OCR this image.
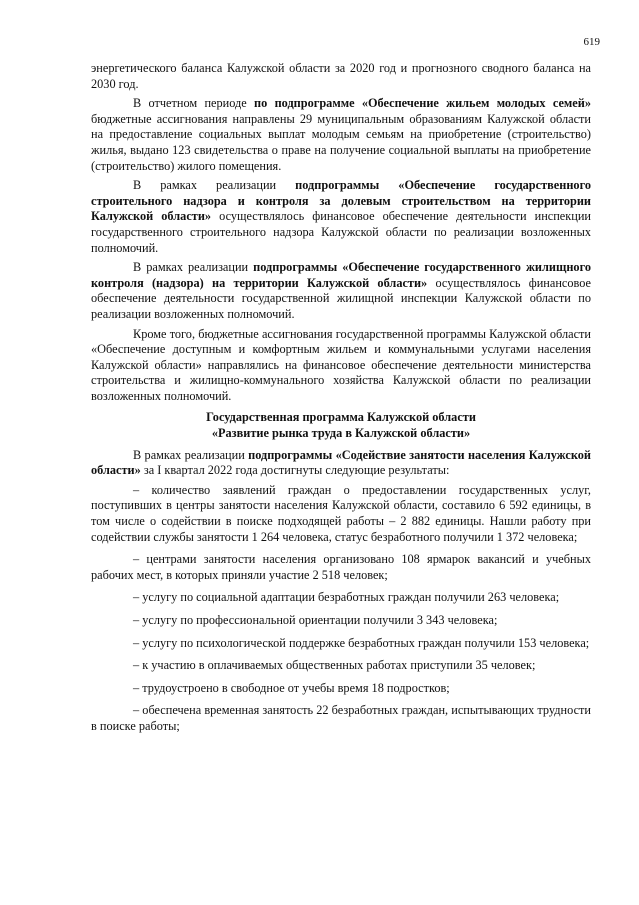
619

энергетического баланса Калужской области за 2020 год и прогнозного сводного баланса на 2030 год.

В отчетном периоде по подпрограмме «Обеспечение жильем молодых семей» бюджетные ассигнования направлены 29 муниципальным образованиям Калужской области на предоставление социальных выплат молодым семьям на приобретение (строительство) жилья, выдано 123 свидетельства о праве на получение социальной выплаты на приобретение (строительство) жилого помещения.

В рамках реализации подпрограммы «Обеспечение государственного строительного надзора и контроля за долевым строительством на территории Калужской области» осуществлялось финансовое обеспечение деятельности инспекции государственного строительного надзора Калужской области по реализации возложенных полномочий.

В рамках реализации подпрограммы «Обеспечение государственного жилищного контроля (надзора) на территории Калужской области» осуществлялось финансовое обеспечение деятельности государственной жилищной инспекции Калужской области по реализации возложенных полномочий.

Кроме того, бюджетные ассигнования государственной программы Калужской области «Обеспечение доступным и комфортным жильем и коммунальными услугами населения Калужской области» направлялись на финансовое обеспечение деятельности министерства строительства и жилищно-коммунального хозяйства Калужской области по реализации возложенных полномочий.

Государственная программа Калужской области
«Развитие рынка труда в Калужской области»

В рамках реализации подпрограммы «Содействие занятости населения Калужской области» за I квартал 2022 года достигнуты следующие результаты:

– количество заявлений граждан о предоставлении государственных услуг, поступивших в центры занятости населения Калужской области, составило 6 592 единицы, в том числе о содействии в поиске подходящей работы – 2 882 единицы. Нашли работу при содействии службы занятости 1 264 человека, статус безработного получили 1 372 человека;

– центрами занятости населения организовано 108 ярмарок вакансий и учебных рабочих мест, в которых приняли участие 2 518 человек;

– услугу по социальной адаптации безработных граждан получили 263 человека;

– услугу по профессиональной ориентации получили 3 343 человека;

– услугу по психологической поддержке безработных граждан получили 153 человека;

– к участию в оплачиваемых общественных работах приступили 35 человек;

– трудоустроено в свободное от учебы время 18 подростков;

– обеспечена временная занятость 22 безработных граждан, испытывающих трудности в поиске работы;
